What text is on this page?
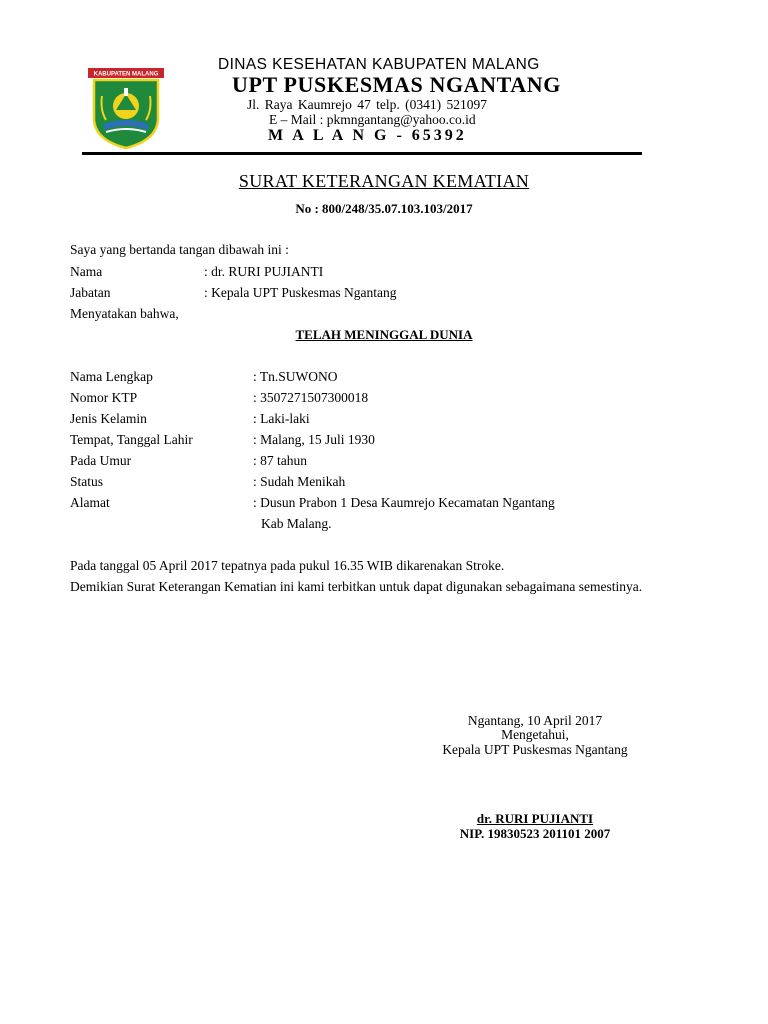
KABUPATEN MALANG
DINAS KESEHATAN KABUPATEN MALANG
UPT PUSKESMAS NGANTANG
Jl. Raya Kaumrejo 47 telp. (0341) 521097
E – Mail : pkmngantang@yahoo.co.id
M A L A N G - 65392
SURAT KETERANGAN KEMATIAN
No : 800/248/35.07.103.103/2017
Saya yang bertanda tangan dibawah ini :
Nama	: dr. RURI PUJIANTI
Jabatan	: Kepala UPT Puskesmas Ngantang
Menyatakan bahwa,
TELAH MENINGGAL DUNIA
Nama Lengkap	: Tn.SUWONO
Nomor KTP	: 3507271507300018
Jenis Kelamin	: Laki-laki
Tempat, Tanggal Lahir	: Malang, 15 Juli 1930
Pada Umur	: 87 tahun
Status	: Sudah Menikah
Alamat	: Dusun Prabon 1 Desa Kaumrejo Kecamatan Ngantang
Kab Malang.
Pada tanggal 05 April 2017 tepatnya pada pukul 16.35 WIB dikarenakan Stroke.
Demikian Surat Keterangan Kematian ini kami terbitkan untuk dapat digunakan sebagaimana semestinya.
Ngantang, 10 April 2017
Mengetahui,
Kepala UPT Puskesmas Ngantang
dr. RURI PUJIANTI
NIP. 19830523 201101 2007
